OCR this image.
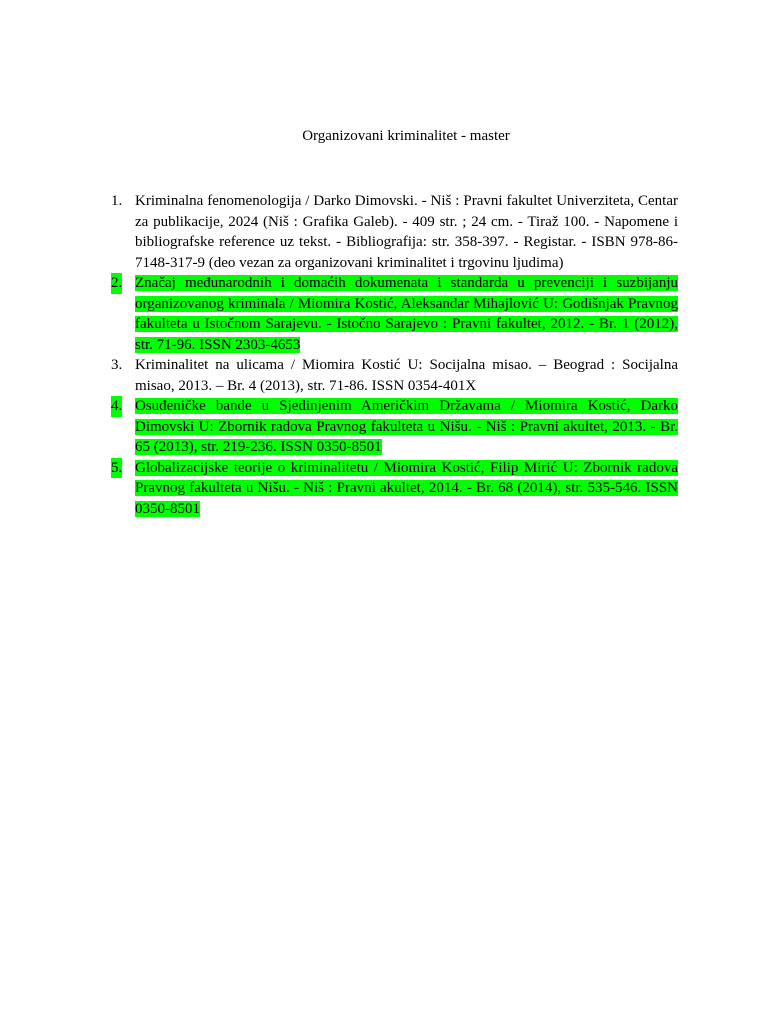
Organizovani kriminalitet - master

1. Kriminalna fenomenologija / Darko Dimovski. - Niš : Pravni fakultet Univerziteta, Centar za publikacije, 2024 (Niš : Grafika Galeb). - 409 str. ; 24 cm. - Tiraž 100. - Napomene i bibliografske reference uz tekst. - Bibliografija: str. 358-397. - Registar. - ISBN 978-86-7148-317-9 (deo vezan za organizovani kriminalitet i trgovinu ljudima)
2. Značaj međunarodnih i domaćih dokumenata i standarda u prevenciji i suzbijanju organizovanog kriminala / Miomira Kostić, Aleksandar Mihajlović U: Godišnjak Pravnog fakulteta u Istočnom Sarajevu. - Istočno Sarajevo : Pravni fakultet, 2012. - Br. 1 (2012), str. 71-96. ISSN 2303-4653
3. Kriminalitet na ulicama / Miomira Kostić U: Socijalna misao. – Beograd : Socijalna misao, 2013. – Br. 4 (2013), str. 71-86. ISSN 0354-401X
4. Osuđeničke bande u Sjedinjenim Američkim Državama / Miomira Kostić, Darko Dimovski U: Zbornik radova Pravnog fakulteta u Nišu. - Niš : Pravni akultet, 2013. - Br. 65 (2013), str. 219-236. ISSN 0350-8501
5. Globalizacijske teorije o kriminalitetu / Miomira Kostić, Filip Mirić U: Zbornik radova Pravnog fakulteta u Nišu. - Niš : Pravni akultet, 2014. - Br. 68 (2014), str. 535-546. ISSN 0350-8501
